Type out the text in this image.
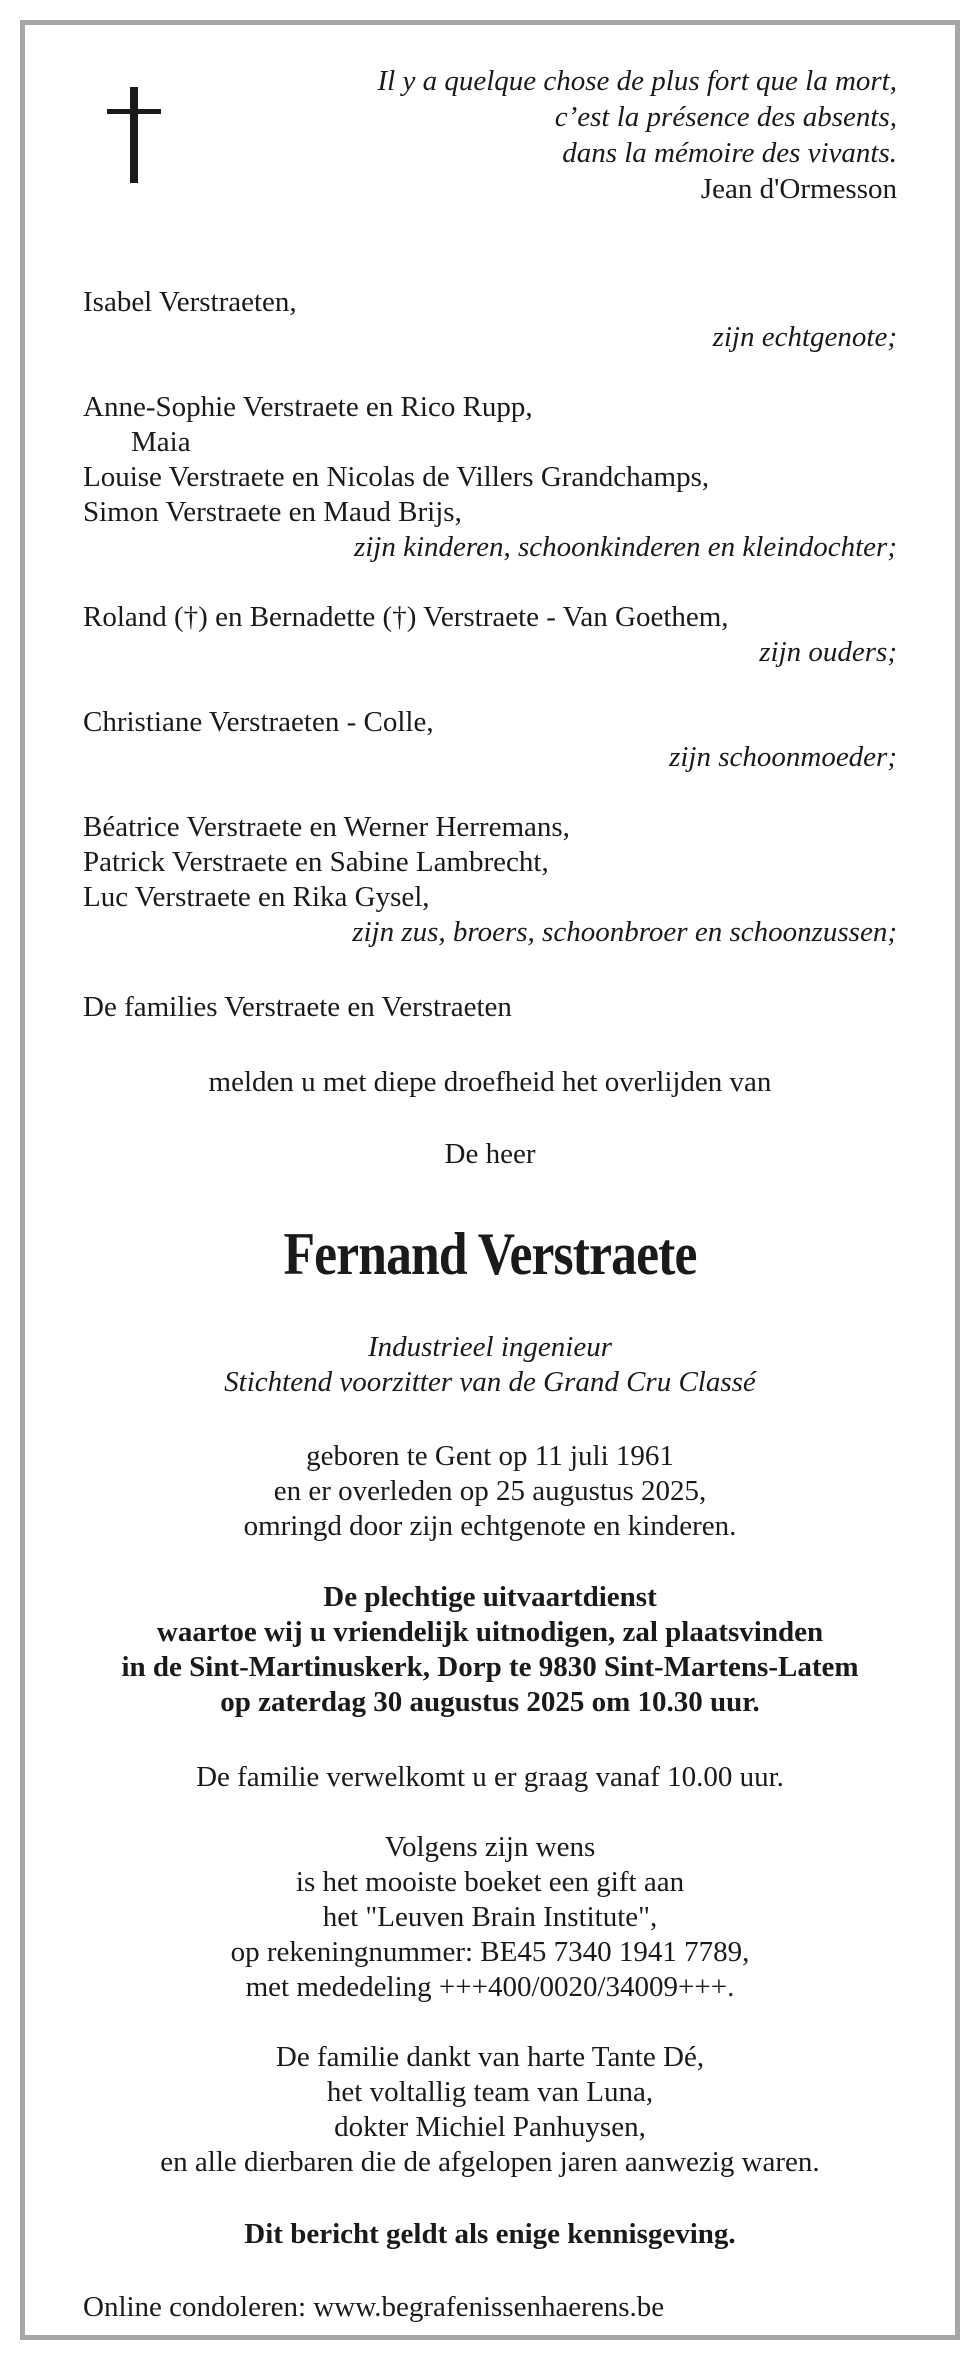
Il y a quelque chose de plus fort que la mort,
c’est la présence des absents,
dans la mémoire des vivants.
Jean d'Ormesson
Isabel Verstraeten,
zijn echtgenote;
Anne-Sophie Verstraete en Rico Rupp,
Maia
Louise Verstraete en Nicolas de Villers Grandchamps,
Simon Verstraete en Maud Brijs,
zijn kinderen, schoonkinderen en kleindochter;
Roland (†) en Bernadette (†) Verstraete - Van Goethem,
zijn ouders;
Christiane Verstraeten - Colle,
zijn schoonmoeder;
Béatrice Verstraete en Werner Herremans,
Patrick Verstraete en Sabine Lambrecht,
Luc Verstraete en Rika Gysel,
zijn zus, broers, schoonbroer en schoonzussen;
De families Verstraete en Verstraeten
melden u met diepe droefheid het overlijden van
De heer
Fernand Verstraete
Industrieel ingenieur
Stichtend voorzitter van de Grand Cru Classé
geboren te Gent op 11 juli 1961
en er overleden op 25 augustus 2025,
omringd door zijn echtgenote en kinderen.
De plechtige uitvaartdienst
waartoe wij u vriendelijk uitnodigen, zal plaatsvinden
in de Sint-Martinuskerk, Dorp te 9830 Sint-Martens-Latem
op zaterdag 30 augustus 2025 om 10.30 uur.
De familie verwelkomt u er graag vanaf 10.00 uur.
Volgens zijn wens
is het mooiste boeket een gift aan
het "Leuven Brain Institute",
op rekeningnummer: BE45 7340 1941 7789,
met mededeling +++400/0020/34009+++.
De familie dankt van harte Tante Dé,
het voltallig team van Luna,
dokter Michiel Panhuysen,
en alle dierbaren die de afgelopen jaren aanwezig waren.
Dit bericht geldt als enige kennisgeving.
Online condoleren: www.begrafenissenhaerens.be
